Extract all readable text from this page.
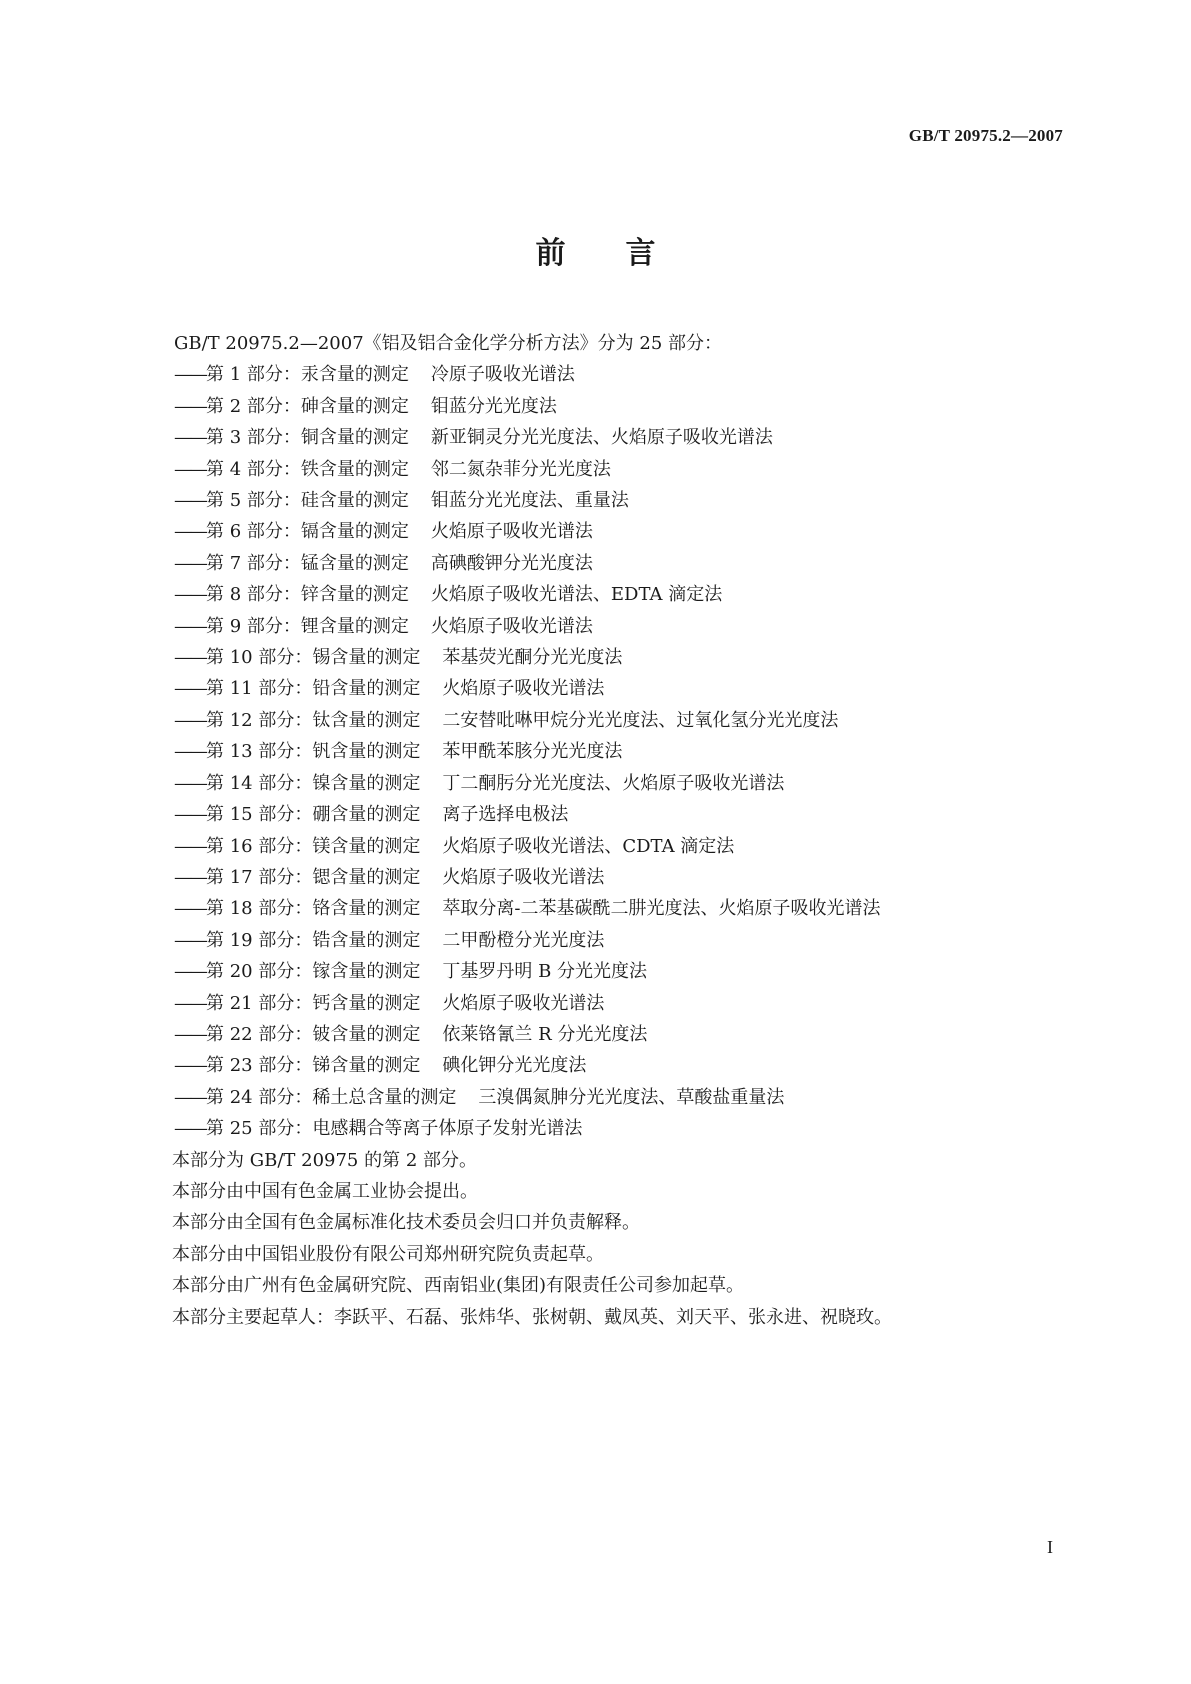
GB/T 20975.2—2007
前言
GB/T 20975.2—2007《铝及铝合金化学分析方法》分为 25 部分：
——第 1 部分：汞含量的测定 冷原子吸收光谱法
——第 2 部分：砷含量的测定 钼蓝分光光度法
——第 3 部分：铜含量的测定 新亚铜灵分光光度法、火焰原子吸收光谱法
——第 4 部分：铁含量的测定 邻二氮杂菲分光光度法
——第 5 部分：硅含量的测定 钼蓝分光光度法、重量法
——第 6 部分：镉含量的测定 火焰原子吸收光谱法
——第 7 部分：锰含量的测定 高碘酸钾分光光度法
——第 8 部分：锌含量的测定 火焰原子吸收光谱法、EDTA 滴定法
——第 9 部分：锂含量的测定 火焰原子吸收光谱法
——第 10 部分：锡含量的测定 苯基荧光酮分光光度法
——第 11 部分：铅含量的测定 火焰原子吸收光谱法
——第 12 部分：钛含量的测定 二安替吡啉甲烷分光光度法、过氧化氢分光光度法
——第 13 部分：钒含量的测定 苯甲酰苯胲分光光度法
——第 14 部分：镍含量的测定 丁二酮肟分光光度法、火焰原子吸收光谱法
——第 15 部分：硼含量的测定 离子选择电极法
——第 16 部分：镁含量的测定 火焰原子吸收光谱法、CDTA 滴定法
——第 17 部分：锶含量的测定 火焰原子吸收光谱法
——第 18 部分：铬含量的测定 萃取分离-二苯基碳酰二肼光度法、火焰原子吸收光谱法
——第 19 部分：锆含量的测定 二甲酚橙分光光度法
——第 20 部分：镓含量的测定 丁基罗丹明 B 分光光度法
——第 21 部分：钙含量的测定 火焰原子吸收光谱法
——第 22 部分：铍含量的测定 依莱铬氰兰 R 分光光度法
——第 23 部分：锑含量的测定 碘化钾分光光度法
——第 24 部分：稀土总含量的测定 三溴偶氮胂分光光度法、草酸盐重量法
——第 25 部分：电感耦合等离子体原子发射光谱法
本部分为 GB/T 20975 的第 2 部分。
本部分由中国有色金属工业协会提出。
本部分由全国有色金属标准化技术委员会归口并负责解释。
本部分由中国铝业股份有限公司郑州研究院负责起草。
本部分由广州有色金属研究院、西南铝业(集团)有限责任公司参加起草。
本部分主要起草人：李跃平、石磊、张炜华、张树朝、戴凤英、刘天平、张永进、祝晓玫。
I
